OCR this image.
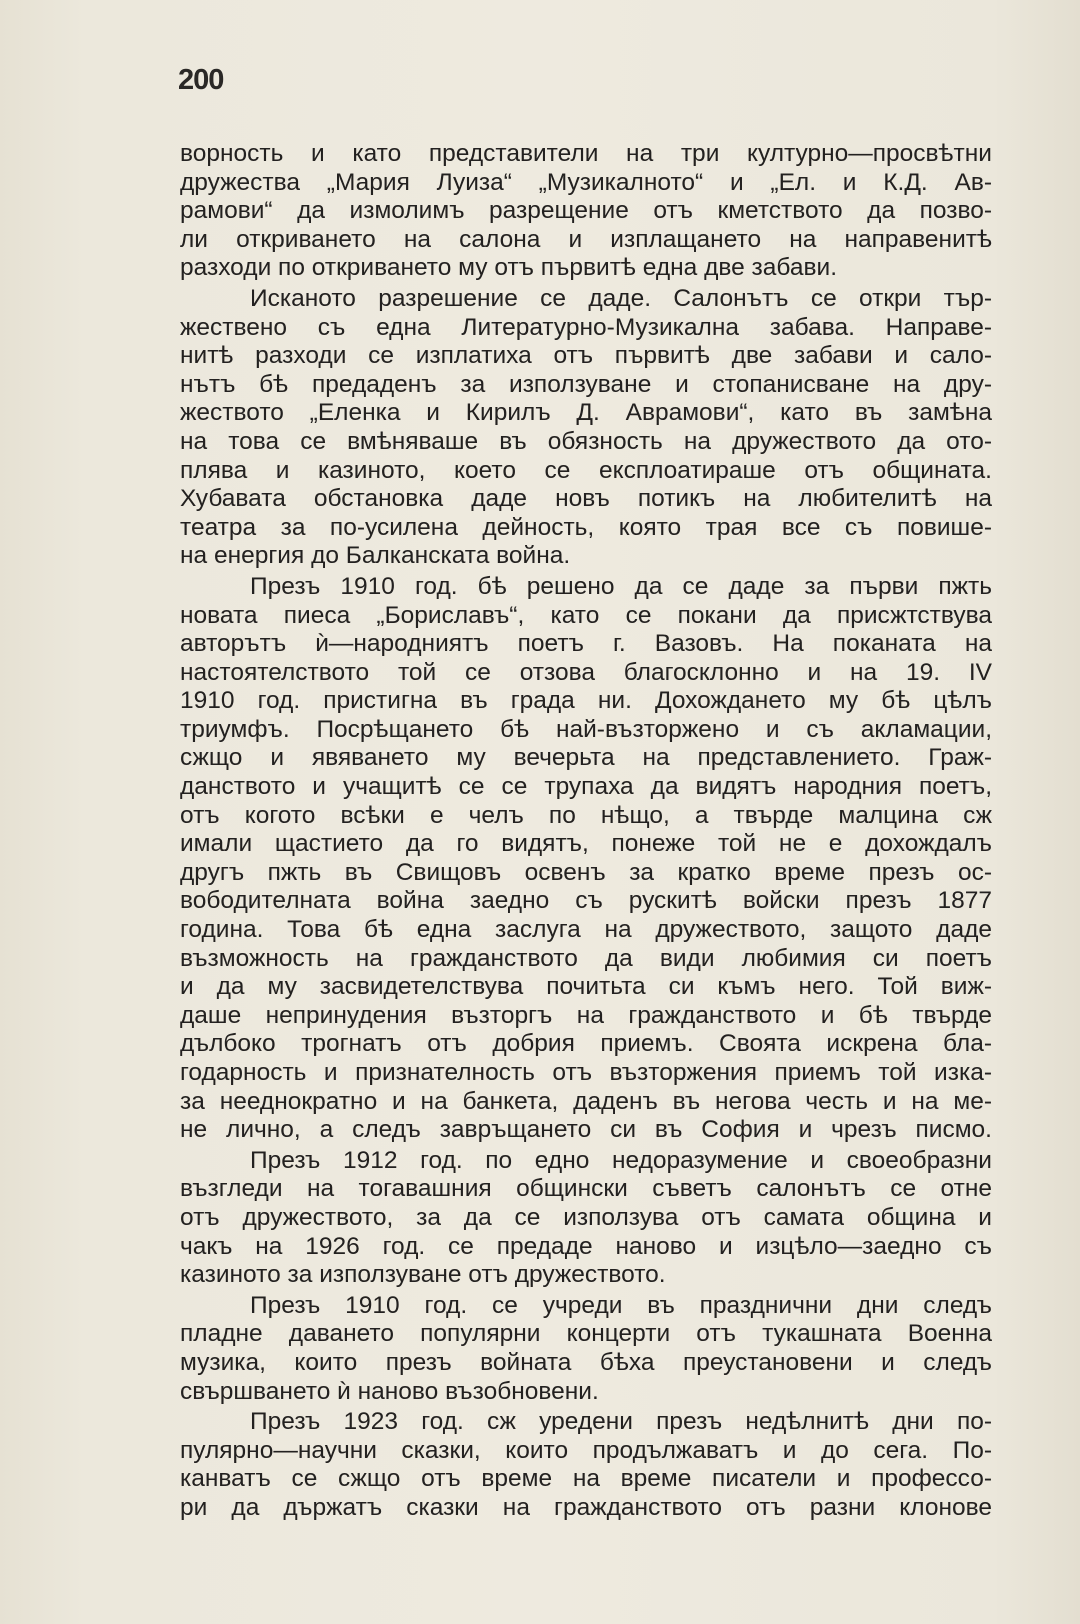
200
ворность и като представители на три културно—просвѣтни
дружества „Мария Луиза“ „Музикалното“ и „Ел. и К.Д. Ав-
рамови“ да измолимъ разрещение отъ кметството да позво-
ли откриването на салона и изплащането на направенитѣ
разходи по откриването му отъ първитѣ една две забави.
Исканото разрешение се даде. Салонътъ се откри тър-
жествено съ една Литературно-Музикална забава. Направе-
нитѣ разходи се изплатиха отъ първитѣ две забави и сало-
нътъ бѣ предаденъ за използуване и стопанисване на дру-
жеството „Еленка и Кирилъ Д. Аврамови“, като въ замѣна
на това се вмѣняваше въ обязность на дружеството да ото-
плява и казиното, което се експлоатираше отъ общината.
Хубавата обстановка даде новъ потикъ на любителитѣ на
театра за по-усилена дейность, която трая все съ повише-
на енергия до Балканската война.
Презъ 1910 год. бѣ решено да се даде за първи пжть
новата пиеса „Бориславъ“, като се покани да присжтствува
авторътъ ѝ—народниятъ поетъ г. Вазовъ. На поканата на
настоятелството той се отзова благосклонно и на 19. IV
1910 год. пристигна въ града ни. Дохождането му бѣ цѣлъ
триумфъ. Посрѣщането бѣ най-възторжено и съ акламации,
сжщо и явяването му вечерьта на представлението. Граж-
данството и учащитѣ се се трупаха да видятъ народния поетъ,
отъ когото всѣки е челъ по нѣщо, а твърде малцина сж
имали щастието да го видятъ, понеже той не е дохождалъ
другъ пжть въ Свищовъ освенъ за кратко време презъ ос-
вободителната война заедно съ рускитѣ войски презъ 1877
година. Това бѣ една заслуга на дружеството, защото даде
възможность на гражданството да види любимия си поетъ
и да му засвидетелствува почитьта си къмъ него. Той виж-
даше непринудения възторгъ на гражданството и бѣ твърде
дълбоко трогнатъ отъ добрия приемъ. Своята искрена бла-
годарность и признателность отъ възторжения приемъ той изка-
за нееднократно и на банкета, даденъ въ негова честь и на ме-
не лично, а следъ завръщането си въ София и чрезъ писмо.
Презъ 1912 год. по едно недоразумение и своеобразни
възгледи на тогавашния общински съветъ салонътъ се отне
отъ дружеството, за да се използува отъ самата община и
чакъ на 1926 год. се предаде наново и изцѣло—заедно съ
казиното за използуване отъ дружеството.
Презъ 1910 год. се учреди въ празднични дни следъ
пладне даването популярни концерти отъ тукашната Военна
музика, които презъ войната бѣха преустановени и следъ
свършването ѝ наново възобновени.
Презъ 1923 год. сж уредени презъ недѣлнитѣ дни по-
пулярно—научни сказки, които продължаватъ и до сега. По-
канватъ се сжщо отъ време на време писатели и профессо-
ри да държатъ сказки на гражданството отъ разни клонове
